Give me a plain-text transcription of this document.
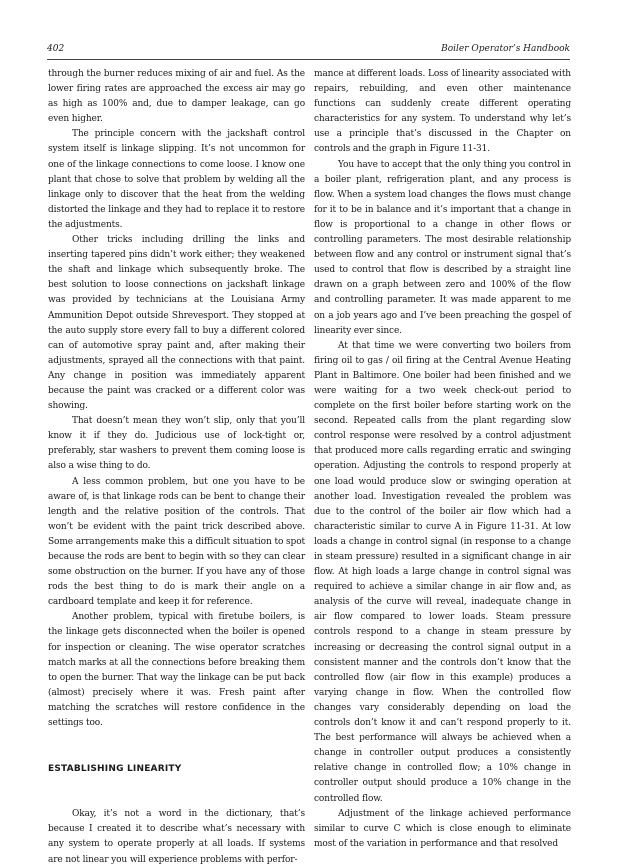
402	Boiler Operator’s Handbook

through the burner reduces mixing of air and fuel. As the lower firing rates are approached the excess air may go as high as 100% and, due to damper leakage, can go even higher.

The principle concern with the jackshaft control system itself is linkage slipping. It’s not uncommon for one of the linkage connections to come loose. I know one plant that chose to solve that problem by welding all the linkage only to discover that the heat from the welding distorted the linkage and they had to replace it to restore the adjustments.

Other tricks including drilling the links and inserting tapered pins didn’t work either; they weakened the shaft and linkage which subsequently broke. The best solution to loose connections on jackshaft linkage was provided by technicians at the Louisiana Army Ammunition Depot outside Shrevesport. They stopped at the auto supply store every fall to buy a different colored can of automotive spray paint and, after making their adjustments, sprayed all the connections with that paint. Any change in position was immediately apparent because the paint was cracked or a different color was showing.

That doesn’t mean they won’t slip, only that you’ll know it if they do. Judicious use of lock-tight or, preferably, star washers to prevent them coming loose is also a wise thing to do.

A less common problem, but one you have to be aware of, is that linkage rods can be bent to change their length and the relative position of the controls. That won’t be evident with the paint trick described above. Some arrangements make this a difficult situation to spot because the rods are bent to begin with so they can clear some obstruction on the burner. If you have any of those rods the best thing to do is mark their angle on a cardboard template and keep it for reference.

Another problem, typical with firetube boilers, is the linkage gets disconnected when the boiler is opened for inspection or cleaning. The wise operator scratches match marks at all the connections before breaking them to open the burner. That way the linkage can be put back (almost) precisely where it was. Fresh paint after matching the scratches will restore confidence in the settings too.

ESTABLISHING LINEARITY

Okay, it’s not a word in the dictionary, that’s because I created it to describe what’s necessary with any system to operate properly at all loads. If systems are not linear you will experience problems with perfor-

mance at different loads. Loss of linearity associated with repairs, rebuilding, and even other maintenance functions can suddenly create different operating characteristics for any system. To understand why let’s use a principle that’s discussed in the Chapter on controls and the graph in Figure 11-31.

You have to accept that the only thing you control in a boiler plant, refrigeration plant, and any process is flow. When a system load changes the flows must change for it to be in balance and it’s important that a change in flow is proportional to a change in other flows or controlling parameters. The most desirable relationship between flow and any control or instrument signal that’s used to control that flow is described by a straight line drawn on a graph between zero and 100% of the flow and controlling parameter. It was made apparent to me on a job years ago and I’ve been preaching the gospel of linearity ever since.

At that time we were converting two boilers from firing oil to gas / oil firing at the Central Avenue Heating Plant in Baltimore. One boiler had been finished and we were waiting for a two week check-out period to complete on the first boiler before starting work on the second. Repeated calls from the plant regarding slow control response were resolved by a control adjustment that produced more calls regarding erratic and swinging operation. Adjusting the controls to respond properly at one load would produce slow or swinging operation at another load. Investigation revealed the problem was due to the control of the boiler air flow which had a characteristic similar to curve A in Figure 11-31. At low loads a change in control signal (in response to a change in steam pressure) resulted in a significant change in air flow. At high loads a large change in control signal was required to achieve a similar change in air flow and, as analysis of the curve will reveal, inadequate change in air flow compared to lower loads. Steam pressure controls respond to a change in steam pressure by increasing or decreasing the control signal output in a consistent manner and the controls don’t know that the controlled flow (air flow in this example) produces a varying change in flow. When the controlled flow changes vary considerably depending on load the controls don’t know it and can’t respond properly to it. The best performance will always be achieved when a change in controller output produces a consistently relative change in controlled flow; a 10% change in controller output should produce a 10% change in the controlled flow.

Adjustment of the linkage achieved performance similar to curve C which is close enough to eliminate most of the variation in performance and that resolved
